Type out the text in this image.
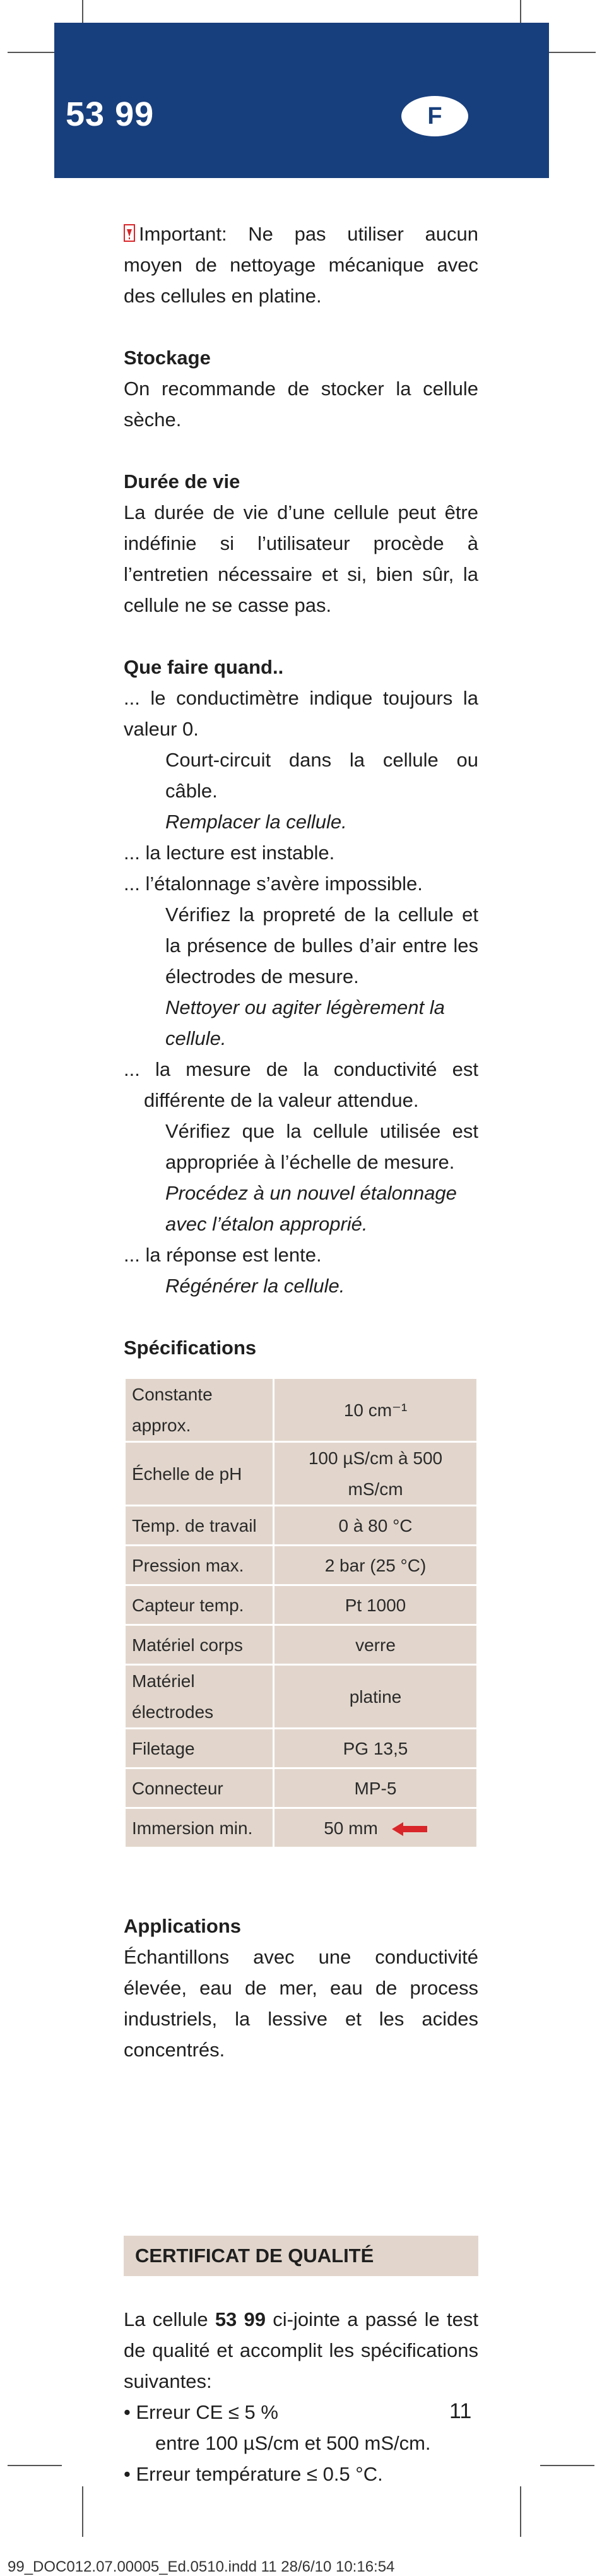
53 99	F

Important: Ne pas utiliser aucun moyen de nettoyage mécanique avec des cellules en platine.

Stockage

On recommande de stocker la cellule sèche.

Durée de vie

La durée de vie d’une cellule peut être indéfinie si l’utilisateur procède à l’entretien nécessaire et si, bien sûr, la cellule ne se casse pas.

Que faire quand..

... le conductimètre indique toujours la valeur 0.

Court-circuit dans la cellule ou câble.

Remplacer la cellule.

... la lecture est instable.

... l’étalonnage s’avère impossible.

Vérifiez la propreté de la cellule et la présence de bulles d’air entre les électrodes de mesure.

Nettoyer ou agiter légèrement la cellule.

... la mesure de la conductivité est différente de la valeur attendue.

Vérifiez que la cellule utilisée est appropriée à l’échelle de mesure.

Procédez à un nouvel étalonnage avec l’étalon approprié.

... la réponse est lente.

Régénérer la cellule.

Spécifications

Constante approx.	10 cm⁻¹
Échelle de pH	100 µS/cm à 500 mS/cm
Temp. de travail	0 à 80 °C
Pression max.	2 bar (25 °C)
Capteur temp.	Pt 1000
Matériel corps	verre
Matériel électrodes	platine
Filetage	PG 13,5
Connecteur	MP-5
Immersion min.	50 mm

Applications

Échantillons avec une conductivité élevée, eau de mer, eau de process industriels, la lessive et les acides concentrés.

CERTIFICAT DE QUALITÉ

La cellule 53 99 ci-jointe a passé le test de qualité et accomplit les spécifications suivantes:

• Erreur CE ≤ 5 %

entre 100 µS/cm et 500 mS/cm.

• Erreur température ≤ 0.5 °C.

11
99_DOC012.07.00005_Ed.0510.indd 11 28/6/10 10:16:54
